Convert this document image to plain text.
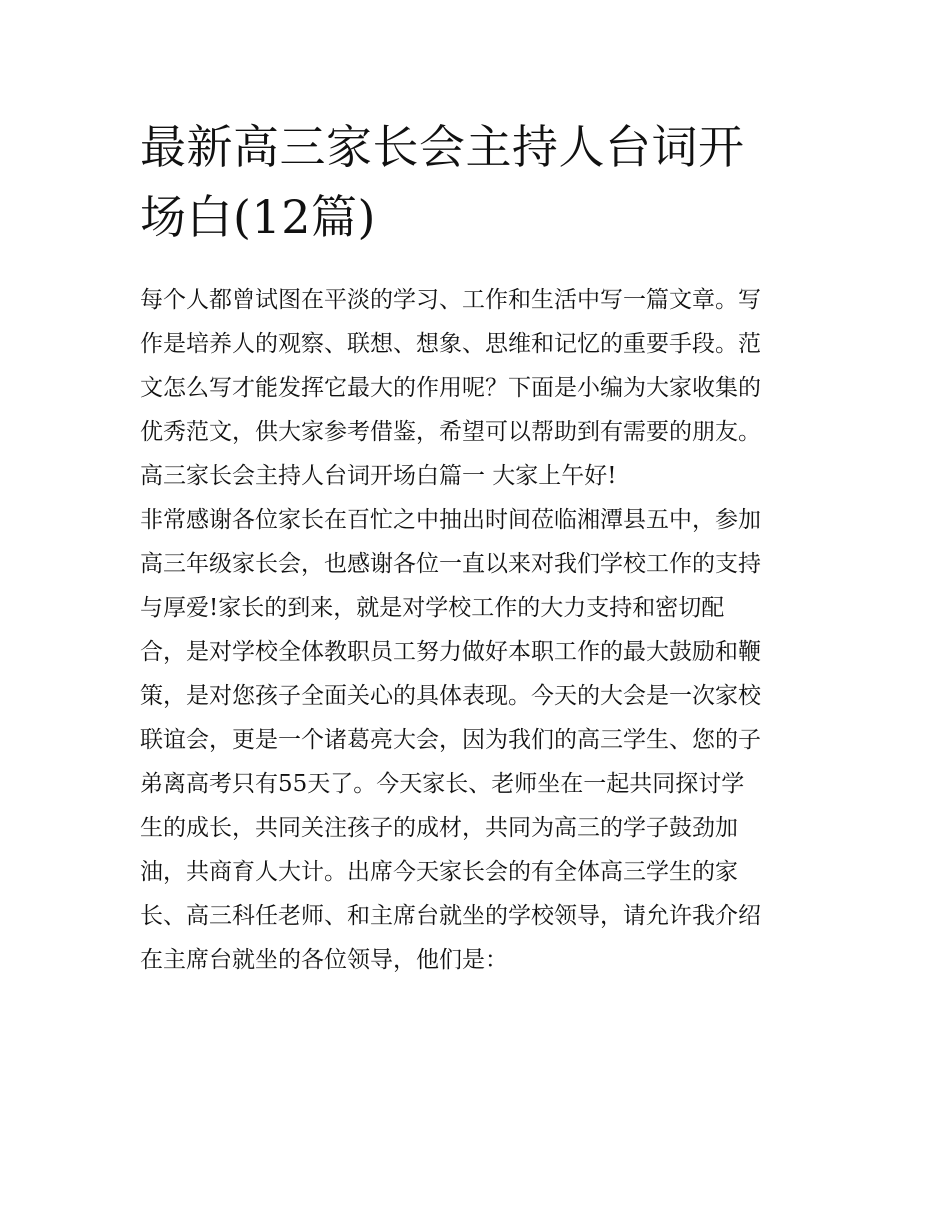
最新高三家长会主持人台词开
场白(12篇)
每个人都曾试图在平淡的学习、工作和生活中写一篇文章。写
作是培养人的观察、联想、想象、思维和记忆的重要手段。范
文怎么写才能发挥它最大的作用呢？下面是小编为大家收集的
优秀范文，供大家参考借鉴，希望可以帮助到有需要的朋友。
高三家长会主持人台词开场白篇一 大家上午好!
非常感谢各位家长在百忙之中抽出时间莅临湘潭县五中，参加
高三年级家长会，也感谢各位一直以来对我们学校工作的支持
与厚爱!家长的到来，就是对学校工作的大力支持和密切配
合，是对学校全体教职员工努力做好本职工作的最大鼓励和鞭
策，是对您孩子全面关心的具体表现。今天的大会是一次家校
联谊会，更是一个诸葛亮大会，因为我们的高三学生、您的子
弟离高考只有55天了。今天家长、老师坐在一起共同探讨学
生的成长，共同关注孩子的成材，共同为高三的学子鼓劲加
油，共商育人大计。出席今天家长会的有全体高三学生的家
长、高三科任老师、和主席台就坐的学校领导，请允许我介绍
在主席台就坐的各位领导，他们是：
